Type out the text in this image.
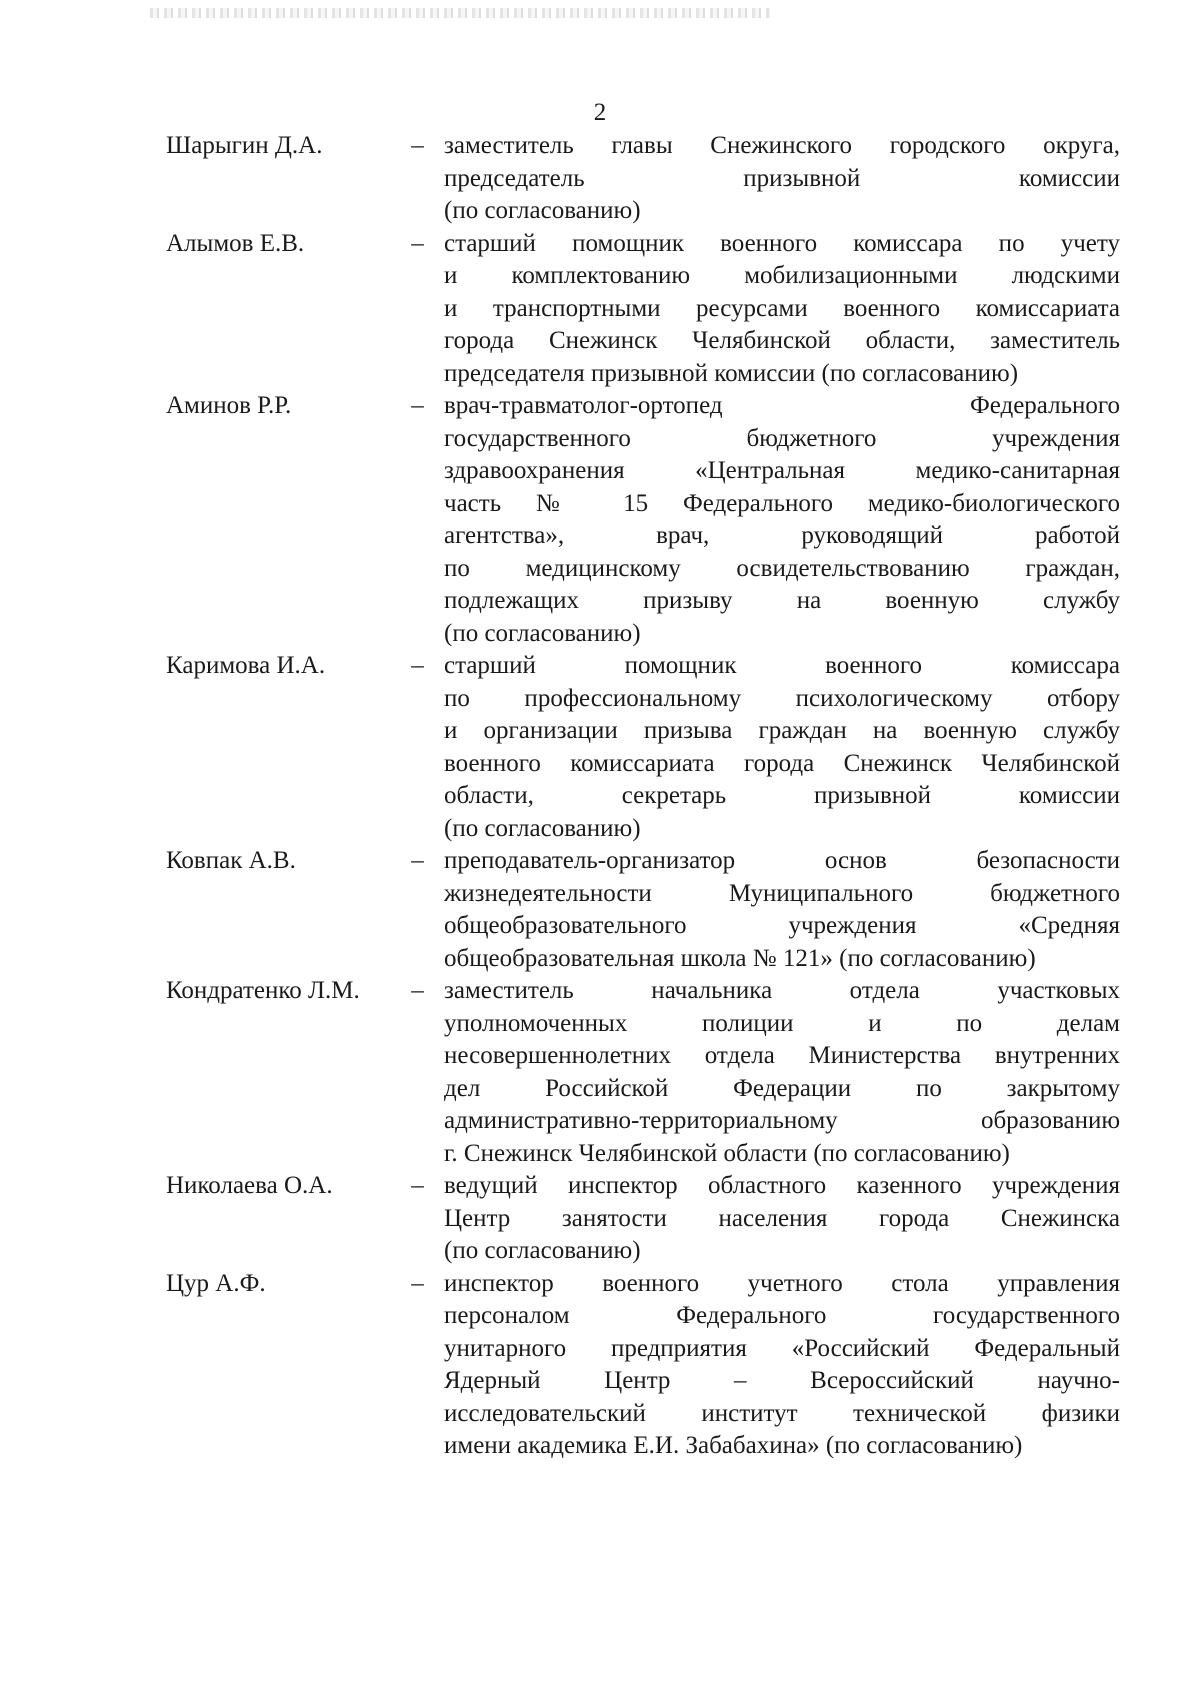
2
Шарыгин Д.А.	– заместитель главы Снежинского городского округа,
председатель призывной комиссии
(по согласованию)
Алымов Е.В.	– старший помощник военного комиссара по учету
и комплектованию мобилизационными людскими
и транспортными ресурсами военного комиссариата
города Снежинск Челябинской области, заместитель
председателя призывной комиссии (по согласованию)
Аминов Р.Р.	– врач-травматолог-ортопед Федерального
государственного бюджетного учреждения
здравоохранения «Центральная медико-санитарная
часть № 15 Федерального медико-биологического
агентства», врач, руководящий работой
по медицинскому освидетельствованию граждан,
подлежащих призыву на военную службу
(по согласованию)
Каримова И.А.	– старший помощник военного комиссара
по профессиональному психологическому отбору
и организации призыва граждан на военную службу
военного комиссариата города Снежинск Челябинской
области, секретарь призывной комиссии
(по согласованию)
Ковпак А.В.	– преподаватель-организатор основ безопасности
жизнедеятельности Муниципального бюджетного
общеобразовательного учреждения «Средняя
общеобразовательная школа № 121» (по согласованию)
Кондратенко Л.М.	– заместитель начальника отдела участковых
уполномоченных полиции и по делам
несовершеннолетних отдела Министерства внутренних
дел Российской Федерации по закрытому
административно-территориальному образованию
г. Снежинск Челябинской области (по согласованию)
Николаева О.А.	– ведущий инспектор областного казенного учреждения
Центр занятости населения города Снежинска
(по согласованию)
Цур А.Ф.	– инспектор военного учетного стола управления
персоналом Федерального государственного
унитарного предприятия «Российский Федеральный
Ядерный Центр – Всероссийский научно-
исследовательский институт технической физики
имени академика Е.И. Забабахина» (по согласованию)
